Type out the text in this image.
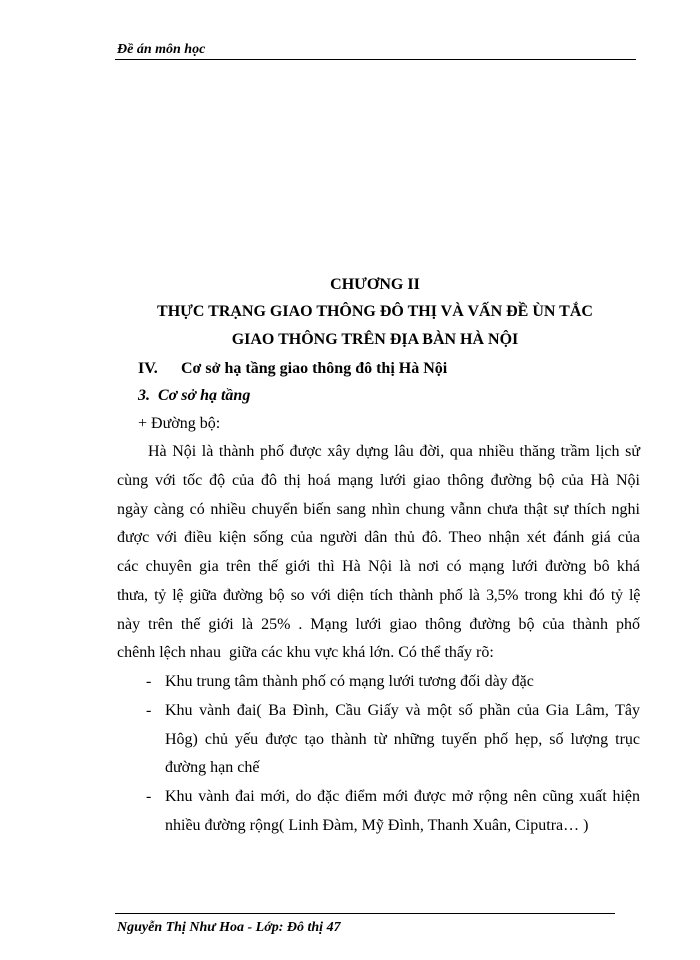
Đề án môn học
CHƯƠNG II
THỰC TRẠNG GIAO THÔNG ĐÔ THỊ VÀ VẤN ĐỀ ÙN TẮC
GIAO THÔNG TRÊN ĐỊA BÀN HÀ NỘI
IV. Cơ sở hạ tầng giao thông đô thị Hà Nội
3.  Cơ sở hạ tầng
+ Đường bộ:
Hà Nội là thành phố được xây dựng lâu đời, qua nhiều thăng trầm lịch sử
cùng với tốc độ của đô thị hoá mạng lưới giao thông đường bộ của Hà Nội
ngày càng có nhiều chuyển biến sang nhìn chung vẫnn chưa thật sự thích nghi
được với điều kiện sống của người dân thủ đô. Theo nhận xét đánh giá của
các chuyên gia trên thế giới thì Hà Nội là nơi có mạng lưới đường bô khá
thưa, tỷ lệ giữa đường bộ so với diện tích thành phố là 3,5% trong khi đó tỷ lệ
này trên thế giới là 25% . Mạng lưới giao thông đường bộ của thành phố
chênh lệch nhau  giữa các khu vực khá lớn. Có thể thấy rõ:
- Khu trung tâm thành phố có mạng lưới tương đối dày đặc
- Khu vành đai( Ba Đình, Cầu Giấy và một số phần của Gia Lâm, Tây
Hôg) chủ yếu được tạo thành từ những tuyến phố hẹp, số lượng trục
đường hạn chế
- Khu vành đai mới, do đặc điểm mới được mở rộng nên cũng xuất hiện
nhiều đường rộng( Linh Đàm, Mỹ Đình, Thanh Xuân, Ciputra… )
Nguyễn Thị Như Hoa - Lớp: Đô thị 47
